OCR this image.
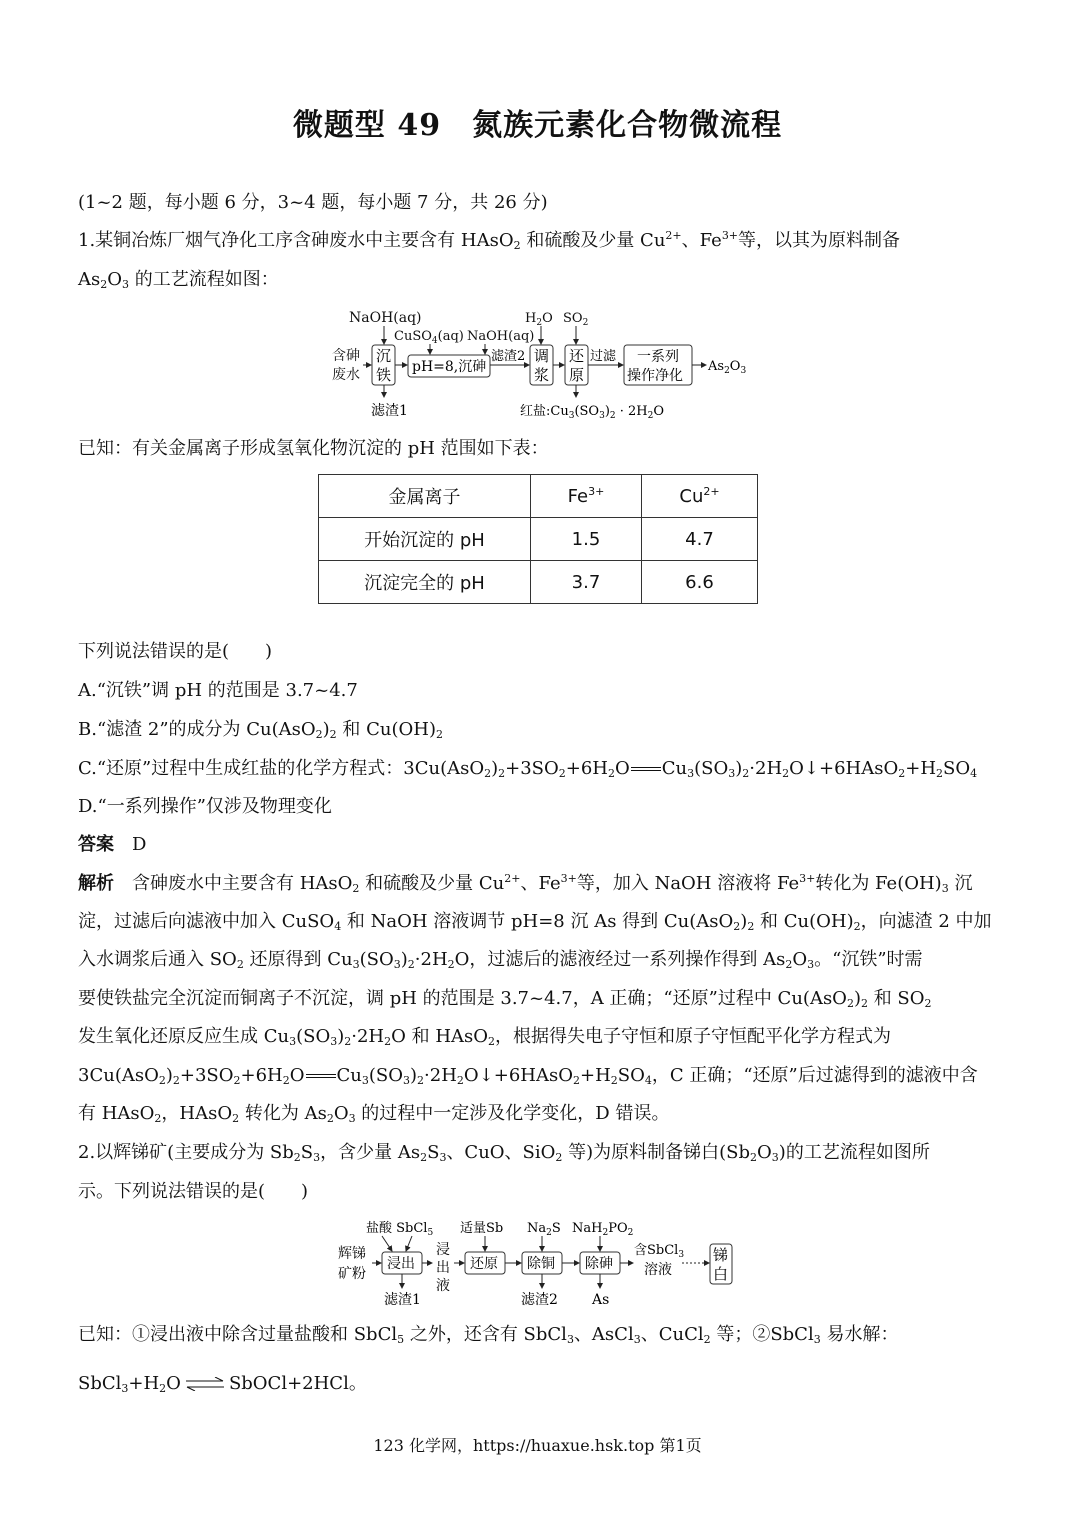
微题型 49　氮族元素化合物微流程
(1~2 题，每小题 6 分，3~4 题，每小题 7 分，共 26 分)
1.某铜冶炼厂烟气净化工序含砷废水中主要含有 HAsO$_2$ 和硫酸及少量 $Cu^{2+}$、$Fe^{3+}$等，以其为原料制备
$As_2O_3$ 的工艺流程如图：
含砷
废水
NaOH(aq)
CuSO$_4$(aq) NaOH(aq)
$H_2O$ $SO_2$
沉
铁 pH=8,沉砷
调
浆
还
原
一系列
操作净化
滤渣2	过滤
$As_2O_3$
滤渣1	红盐$:Cu_3(SO_3)_2 \cdot 2H_2O$
已知：有关金属离子形成氢氧化物沉淀的 pH 范围如下表：
金属离子	$Fe^{3+}$	$Cu^{2+}$
开始沉淀的 pH	1.5	4.7
沉淀完全的 pH	3.7	6.6
下列说法错误的是(　　)
A.“沉铁”调 pH 的范围是 3.7~4.7
B.“滤渣 2”的成分为 $Cu(AsO_2)_2$ 和 $Cu(OH)_2$
C.“还原”过程中生成红盐的化学方程式：$3Cu(AsO_2)_2+3SO_2+6H_2O$ $Cu_3(SO_3)_2\cdot 2H_2O↓+6HAsO_2+H_2SO_4$
D.“一系列操作”仅涉及物理变化
答案　 D
解析　含砷废水中主要含有 HAsO$_2$ 和硫酸及少量 $Cu^{2+}$、$Fe^{3+}$等，加入 NaOH 溶液将 $Fe^{3+}$转化为 $Fe(OH)_3$ 沉
淀，过滤后向滤液中加入 CuSO$_4$ 和 NaOH 溶液调节 pH=8 沉 As 得到 $Cu(AsO_2)_2$ 和 $Cu(OH)_2$，向滤渣 2 中加
入水调浆后通入 $SO_2$ 还原得到 $Cu_3(SO_3)_2\cdot 2H_2O$，过滤后的滤液经过一系列操作得到 $As_2O_3$。“沉铁”时需
要使铁盐完全沉淀而铜离子不沉淀，调 pH 的范围是 3.7~4.7，A 正确；“还原”过程中 $Cu(AsO_2)_2$ 和 $SO_2$
发生氧化还原反应生成 $Cu_3(SO_3)_2\cdot 2H_2O$ 和 HAsO$_2$，根据得失电子守恒和原子守恒配平化学方程式为
$3Cu(AsO_2)_2+3SO_2+6H_2O$ $Cu_3(SO_3)_2\cdot 2H_2O↓+6HAsO_2+H_2SO_4$，C 正确；“还原”后过滤得到的滤液中含
有 HAsO$_2$，HAsO$_2$ 转化为 $As_2O_3$ 的过程中一定涉及化学变化，D 错误。
2.以辉锑矿(主要成分为 $Sb_2S_3$，含少量 $As_2S_3$、CuO、SiO$_2$ 等)为原料制备锑白$(Sb_2O_3)$的工艺流程如图所
示。下列说法错误的是(　　)
辉锑
矿粉
盐酸 SbCl$_5$ 适量Sb $Na_2S$ $NaH_2PO_2$
浸出
浸
出
液
还原 除铜 除砷
含SbCl$_3$
溶液
锑
白
滤渣1	滤渣2 As
已知：①浸出液中除含过量盐酸和 SbCl$_5$ 之外，还含有 SbCl$_3$、AsCl$_3$、CuCl$_2$ 等；②SbCl$_3$ 易水解：
$SbCl_3+H_2O$ ⇌ SbOCl+2HCl。
123 化学网，https://huaxue.hsk.top 第1页
